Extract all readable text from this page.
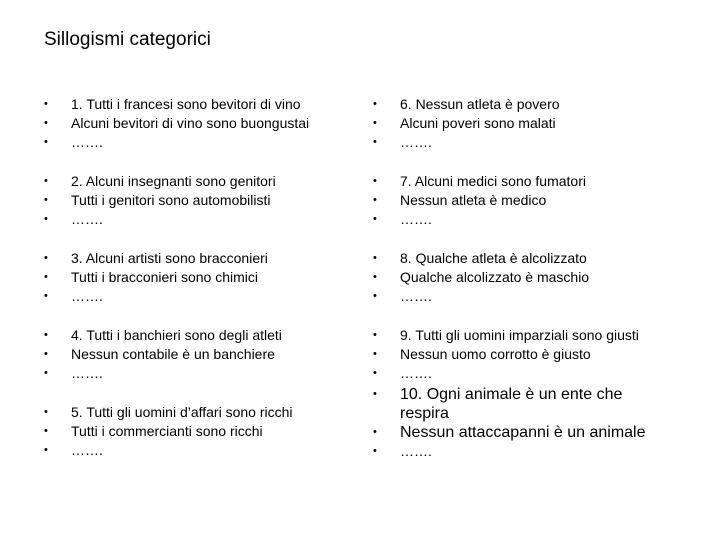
Sillogismi categorici
• 1. Tutti i francesi sono bevitori di vino
• Alcuni bevitori di vino sono buongustai
• …….
• 2. Alcuni insegnanti sono genitori
• Tutti i genitori sono automobilisti
• …….
• 3. Alcuni artisti sono bracconieri
• Tutti i bracconieri sono chimici
• …….
• 4. Tutti i banchieri sono degli atleti
• Nessun contabile è un banchiere
• …….
• 5. Tutti gli uomini d’affari sono ricchi
• Tutti i commercianti sono ricchi
• …….
• 6. Nessun atleta è povero
• Alcuni poveri sono malati
• …….
• 7. Alcuni medici sono fumatori
• Nessun atleta è medico
• …….
• 8. Qualche atleta è alcolizzato
• Qualche alcolizzato è maschio
• …….
• 9. Tutti gli uomini imparziali sono giusti
• Nessun uomo corrotto è giusto
• …….
• 10. Ogni animale è un ente che
respira
• Nessun attaccapanni è un animale
• …….
